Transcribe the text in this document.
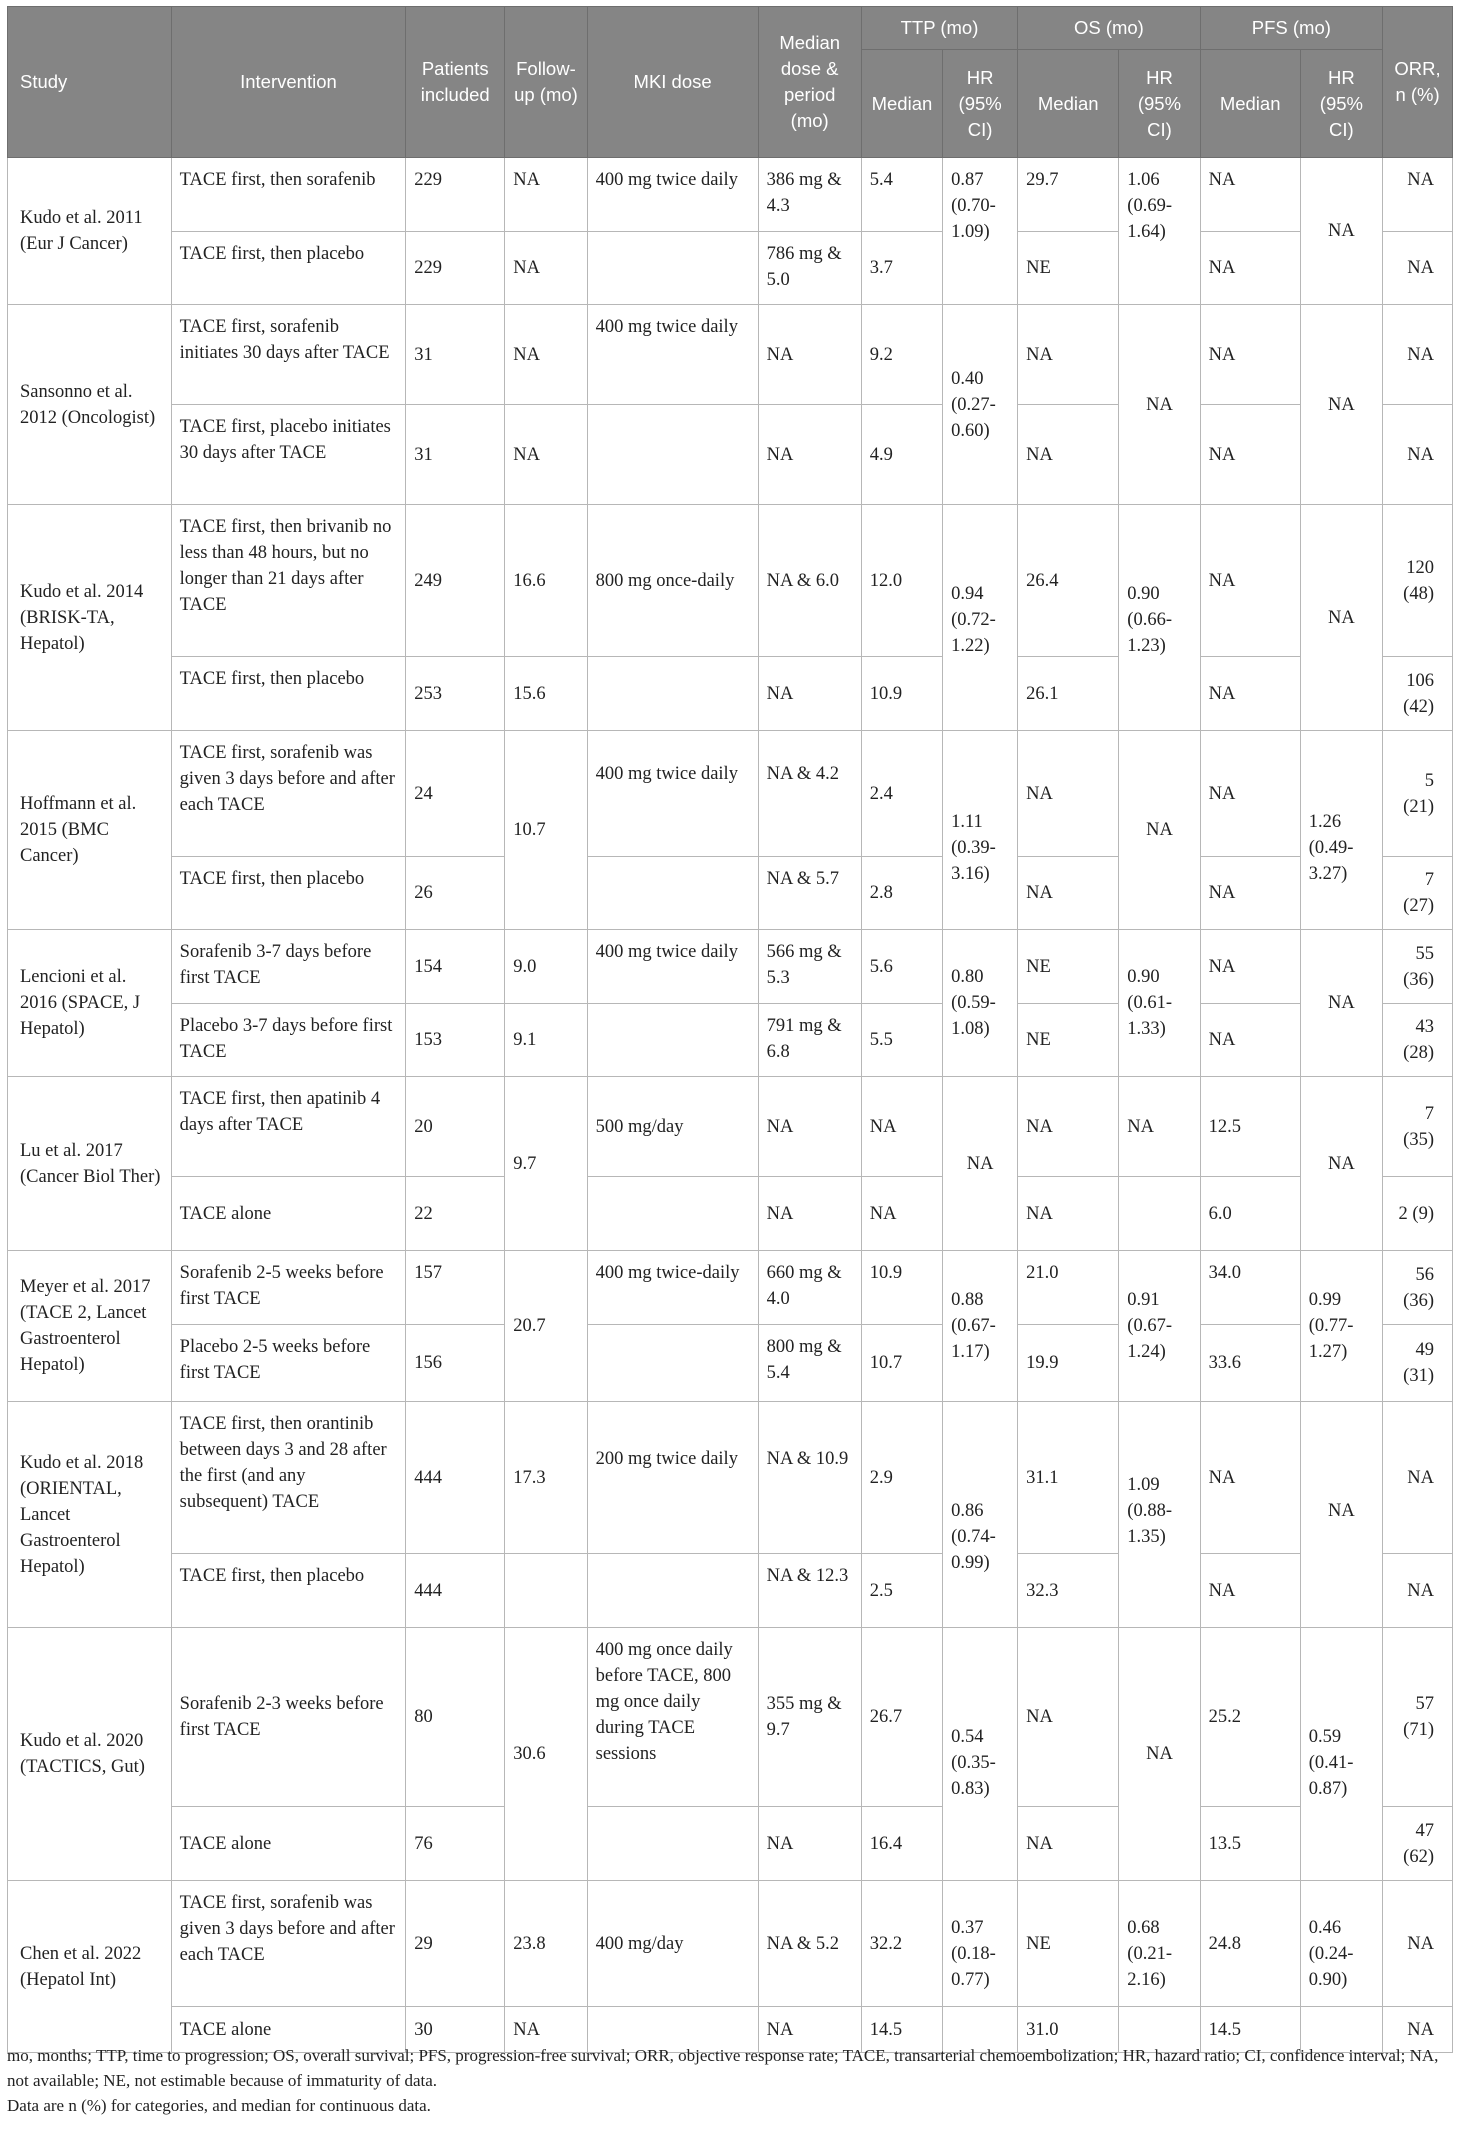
Study	Intervention	Patients included	Follow-up (mo)	MKI dose	Median dose & period (mo)	TTP (mo)		OS (mo)		PFS (mo)		ORR, n (%)
						Median	HR (95% CI)	Median	HR (95% CI)	Median	HR (95% CI)	
Kudo et al. 2011 (Eur J Cancer)	TACE first, then sorafenib	229	NA	400 mg twice daily	386 mg & 4.3	5.4	0.87 (0.70-1.09)	29.7	1.06 (0.69-1.64)	NA	NA	NA
	TACE first, then placebo	229	NA		786 mg & 5.0	3.7		NE		NA		NA
Sansonno et al. 2012 (Oncologist)	TACE first, sorafenib initiates 30 days after TACE	31	NA	400 mg twice daily	NA	9.2	0.40 (0.27-0.60)	NA	NA	NA	NA	NA
	TACE first, placebo initiates 30 days after TACE	31	NA		NA	4.9		NA		NA		NA
Kudo et al. 2014 (BRISK-TA, Hepatol)	TACE first, then brivanib no less than 48 hours, but no longer than 21 days after TACE	249	16.6	800 mg once-daily	NA & 6.0	12.0	0.94 (0.72-1.22)	26.4	0.90 (0.66-1.23)	NA	NA	120 (48)
	TACE first, then placebo	253	15.6		NA	10.9		26.1		NA		106 (42)
Hoffmann et al. 2015 (BMC Cancer)	TACE first, sorafenib was given 3 days before and after each TACE	24	10.7	400 mg twice daily	NA & 4.2	2.4	1.11 (0.39-3.16)	NA	NA	NA	1.26 (0.49-3.27)	5 (21)
	TACE first, then placebo	26			NA & 5.7	2.8		NA		NA		7 (27)
Lencioni et al. 2016 (SPACE, J Hepatol)	Sorafenib 3-7 days before first TACE	154	9.0	400 mg twice daily	566 mg & 5.3	5.6	0.80 (0.59-1.08)	NE	0.90 (0.61-1.33)	NA	NA	55 (36)
	Placebo 3-7 days before first TACE	153	9.1		791 mg & 6.8	5.5		NE		NA		43 (28)
Lu et al. 2017 (Cancer Biol Ther)	TACE first, then apatinib 4 days after TACE	20	9.7	500 mg/day	NA	NA	NA	NA	NA	12.5	NA	7 (35)
	TACE alone	22			NA	NA		NA		6.0		2 (9)
Meyer et al. 2017 (TACE 2, Lancet Gastroenterol Hepatol)	Sorafenib 2-5 weeks before first TACE	157	20.7	400 mg twice-daily	660 mg & 4.0	10.9	0.88 (0.67-1.17)	21.0	0.91 (0.67-1.24)	34.0	0.99 (0.77-1.27)	56 (36)
	Placebo 2-5 weeks before first TACE	156			800 mg & 5.4	10.7		19.9		33.6		49 (31)
Kudo et al. 2018 (ORIENTAL, Lancet Gastroenterol Hepatol)	TACE first, then orantinib between days 3 and 28 after the first (and any subsequent) TACE	444	17.3	200 mg twice daily	NA & 10.9	2.9	0.86 (0.74-0.99)	31.1	1.09 (0.88-1.35)	NA	NA	NA
	TACE first, then placebo	444			NA & 12.3	2.5		32.3		NA		NA
Kudo et al. 2020 (TACTICS, Gut)	Sorafenib 2-3 weeks before first TACE	80	30.6	400 mg once daily before TACE, 800 mg once daily during TACE sessions	355 mg & 9.7	26.7	0.54 (0.35-0.83)	NA	NA	25.2	0.59 (0.41-0.87)	57 (71)
	TACE alone	76			NA	16.4		NA		13.5		47 (62)
Chen et al. 2022 (Hepatol Int)	TACE first, sorafenib was given 3 days before and after each TACE	29	23.8	400 mg/day	NA & 5.2	32.2	0.37 (0.18-0.77)	NE	0.68 (0.21-2.16)	24.8	0.46 (0.24-0.90)	NA
	TACE alone	30	NA		NA	14.5		31.0		14.5		NA

mo, months; TTP, time to progression; OS, overall survival; PFS, progression-free survival; ORR, objective response rate; TACE, transarterial chemoembolization; HR, hazard ratio; CI, confidence interval; NA, not available; NE, not estimable because of immaturity of data.

Data are n (%) for categories, and median for continuous data.
